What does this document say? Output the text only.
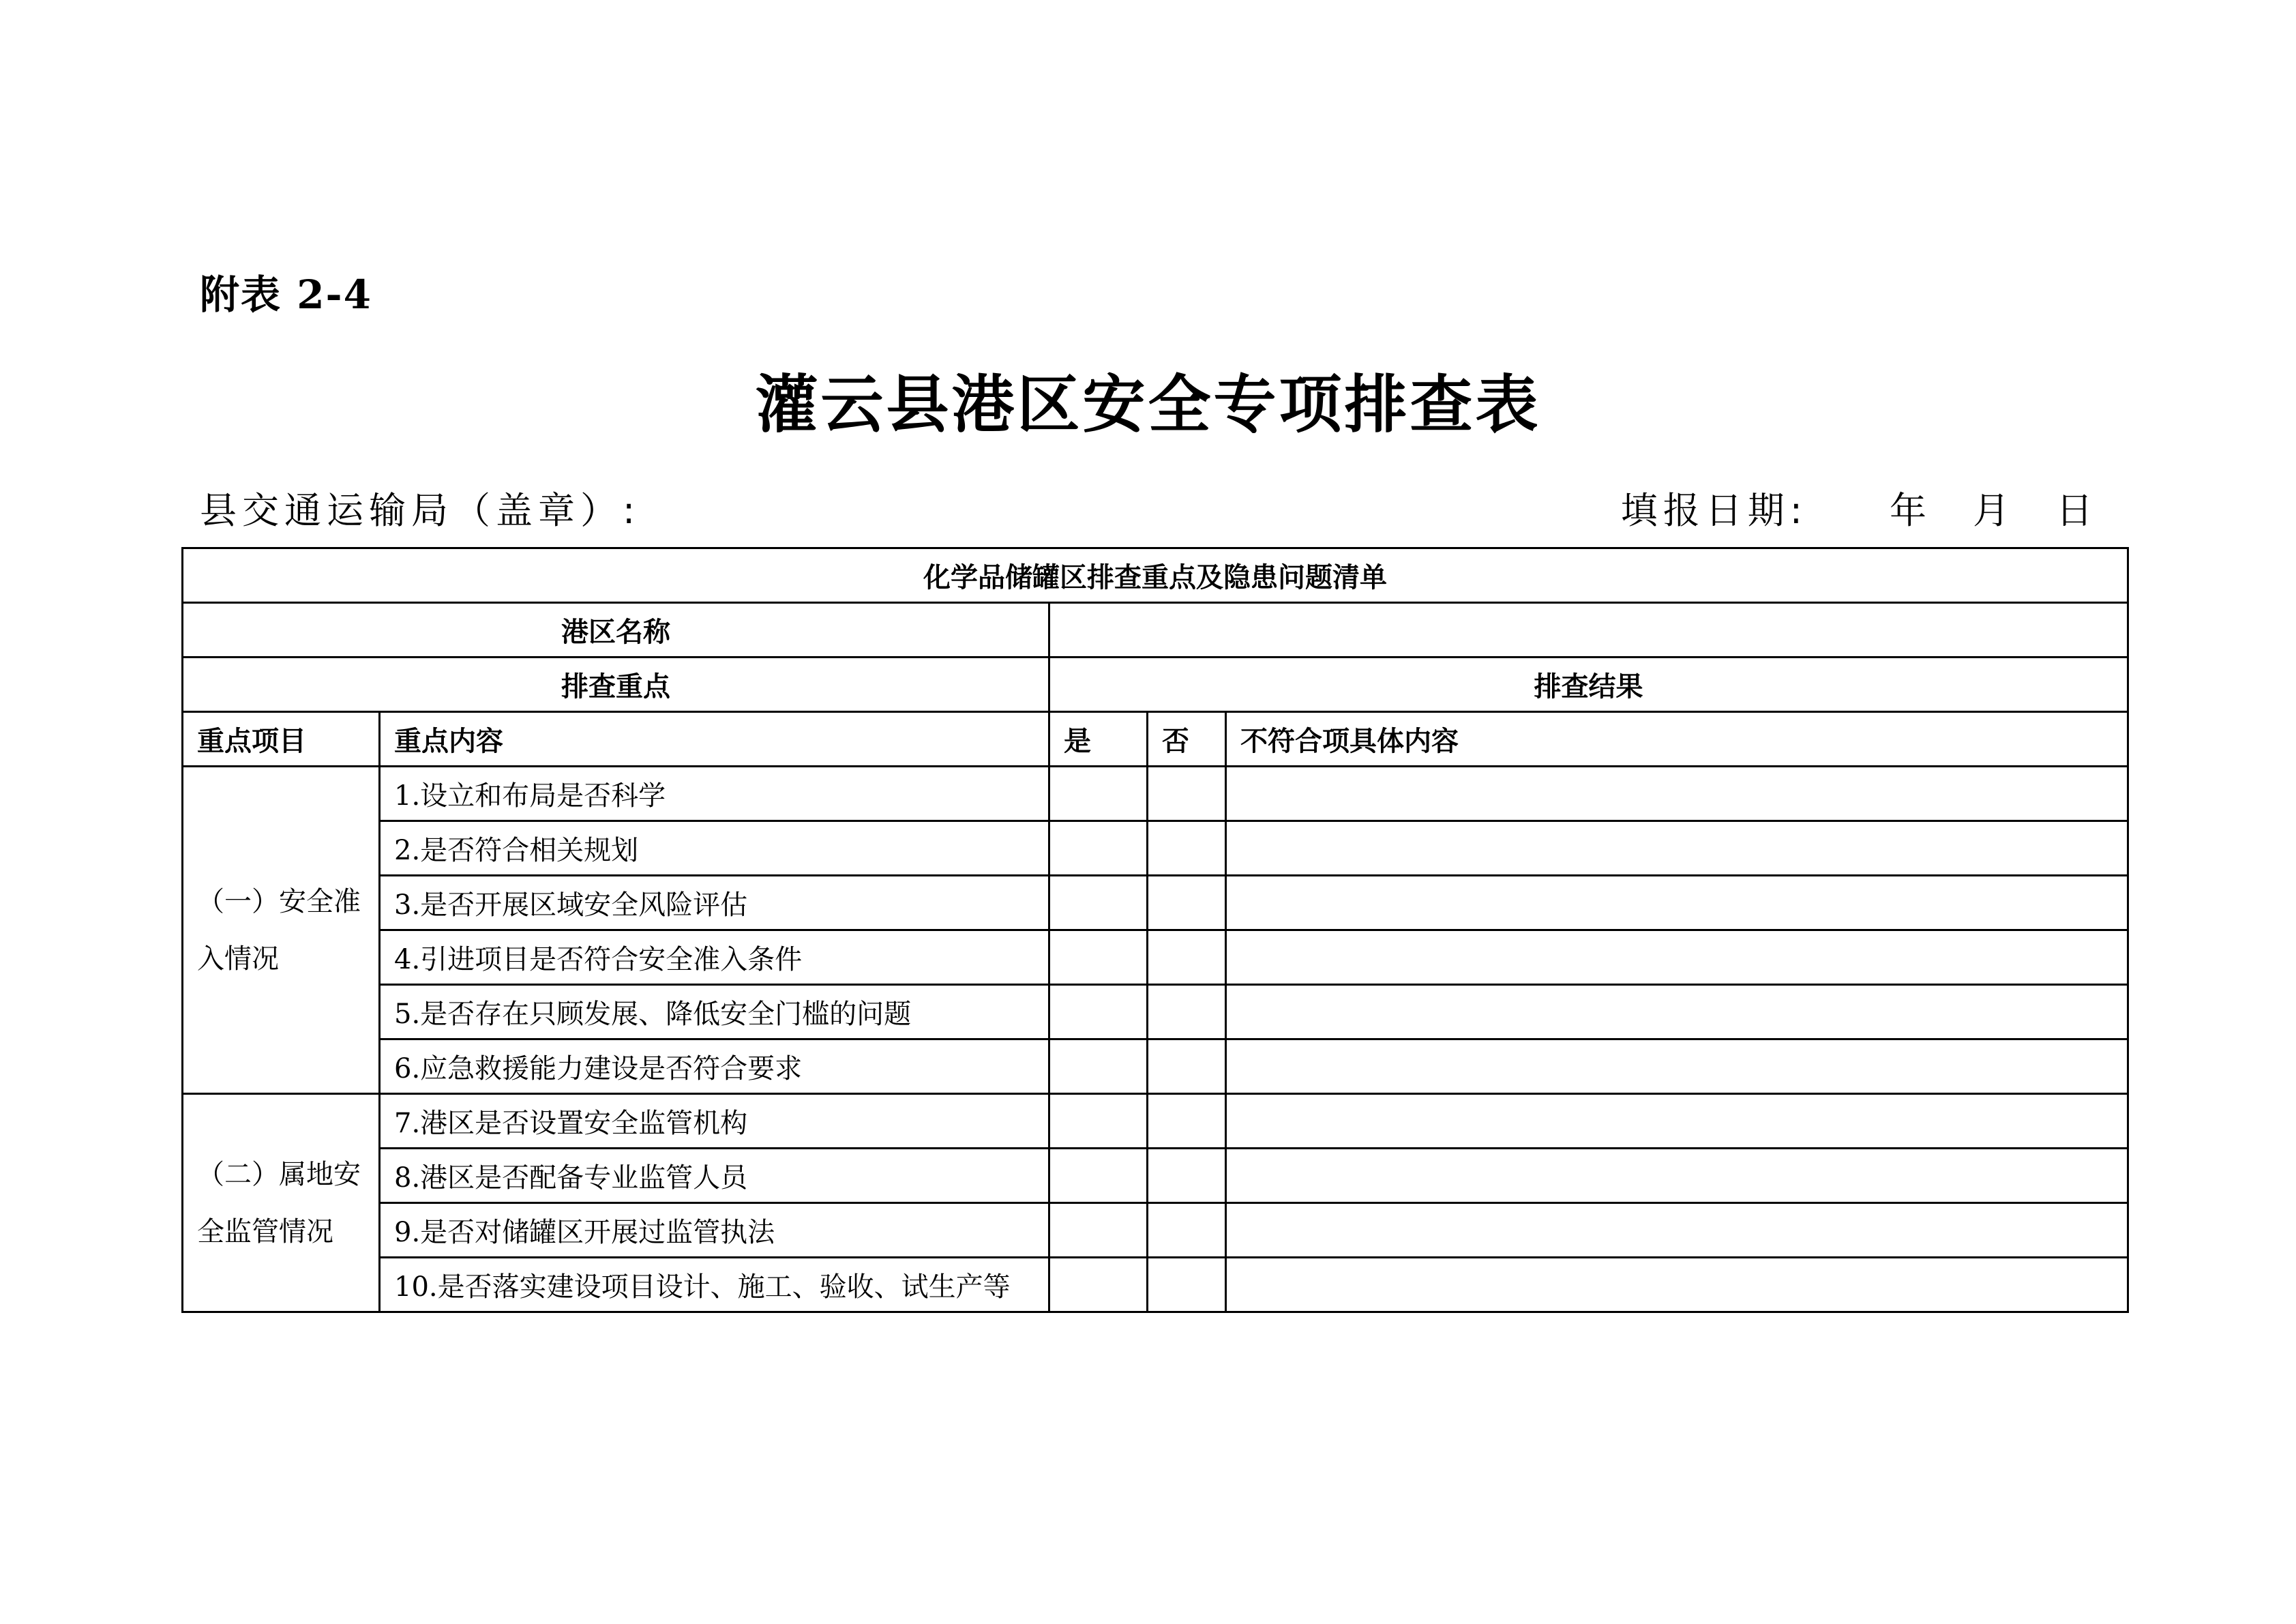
附表 2-4
灌云县港区安全专项排查表
县交通运输局（盖章）:	填报日期: 年 月 日
化学品储罐区排查重点及隐患问题清单				
港区名称				
排查重点		排查结果		
重点项目	重点内容	是	否	不符合项具体内容
（一）安全准入情况	1.设立和布局是否科学			
	2.是否符合相关规划			
	3.是否开展区域安全风险评估			
	4.引进项目是否符合安全准入条件			
	5.是否存在只顾发展、降低安全门槛的问题			
	6.应急救援能力建设是否符合要求			
（二）属地安全监管情况	7.港区是否设置安全监管机构			
	8.港区是否配备专业监管人员			
	9.是否对储罐区开展过监管执法			
	10.是否落实建设项目设计、施工、验收、试生产等			
